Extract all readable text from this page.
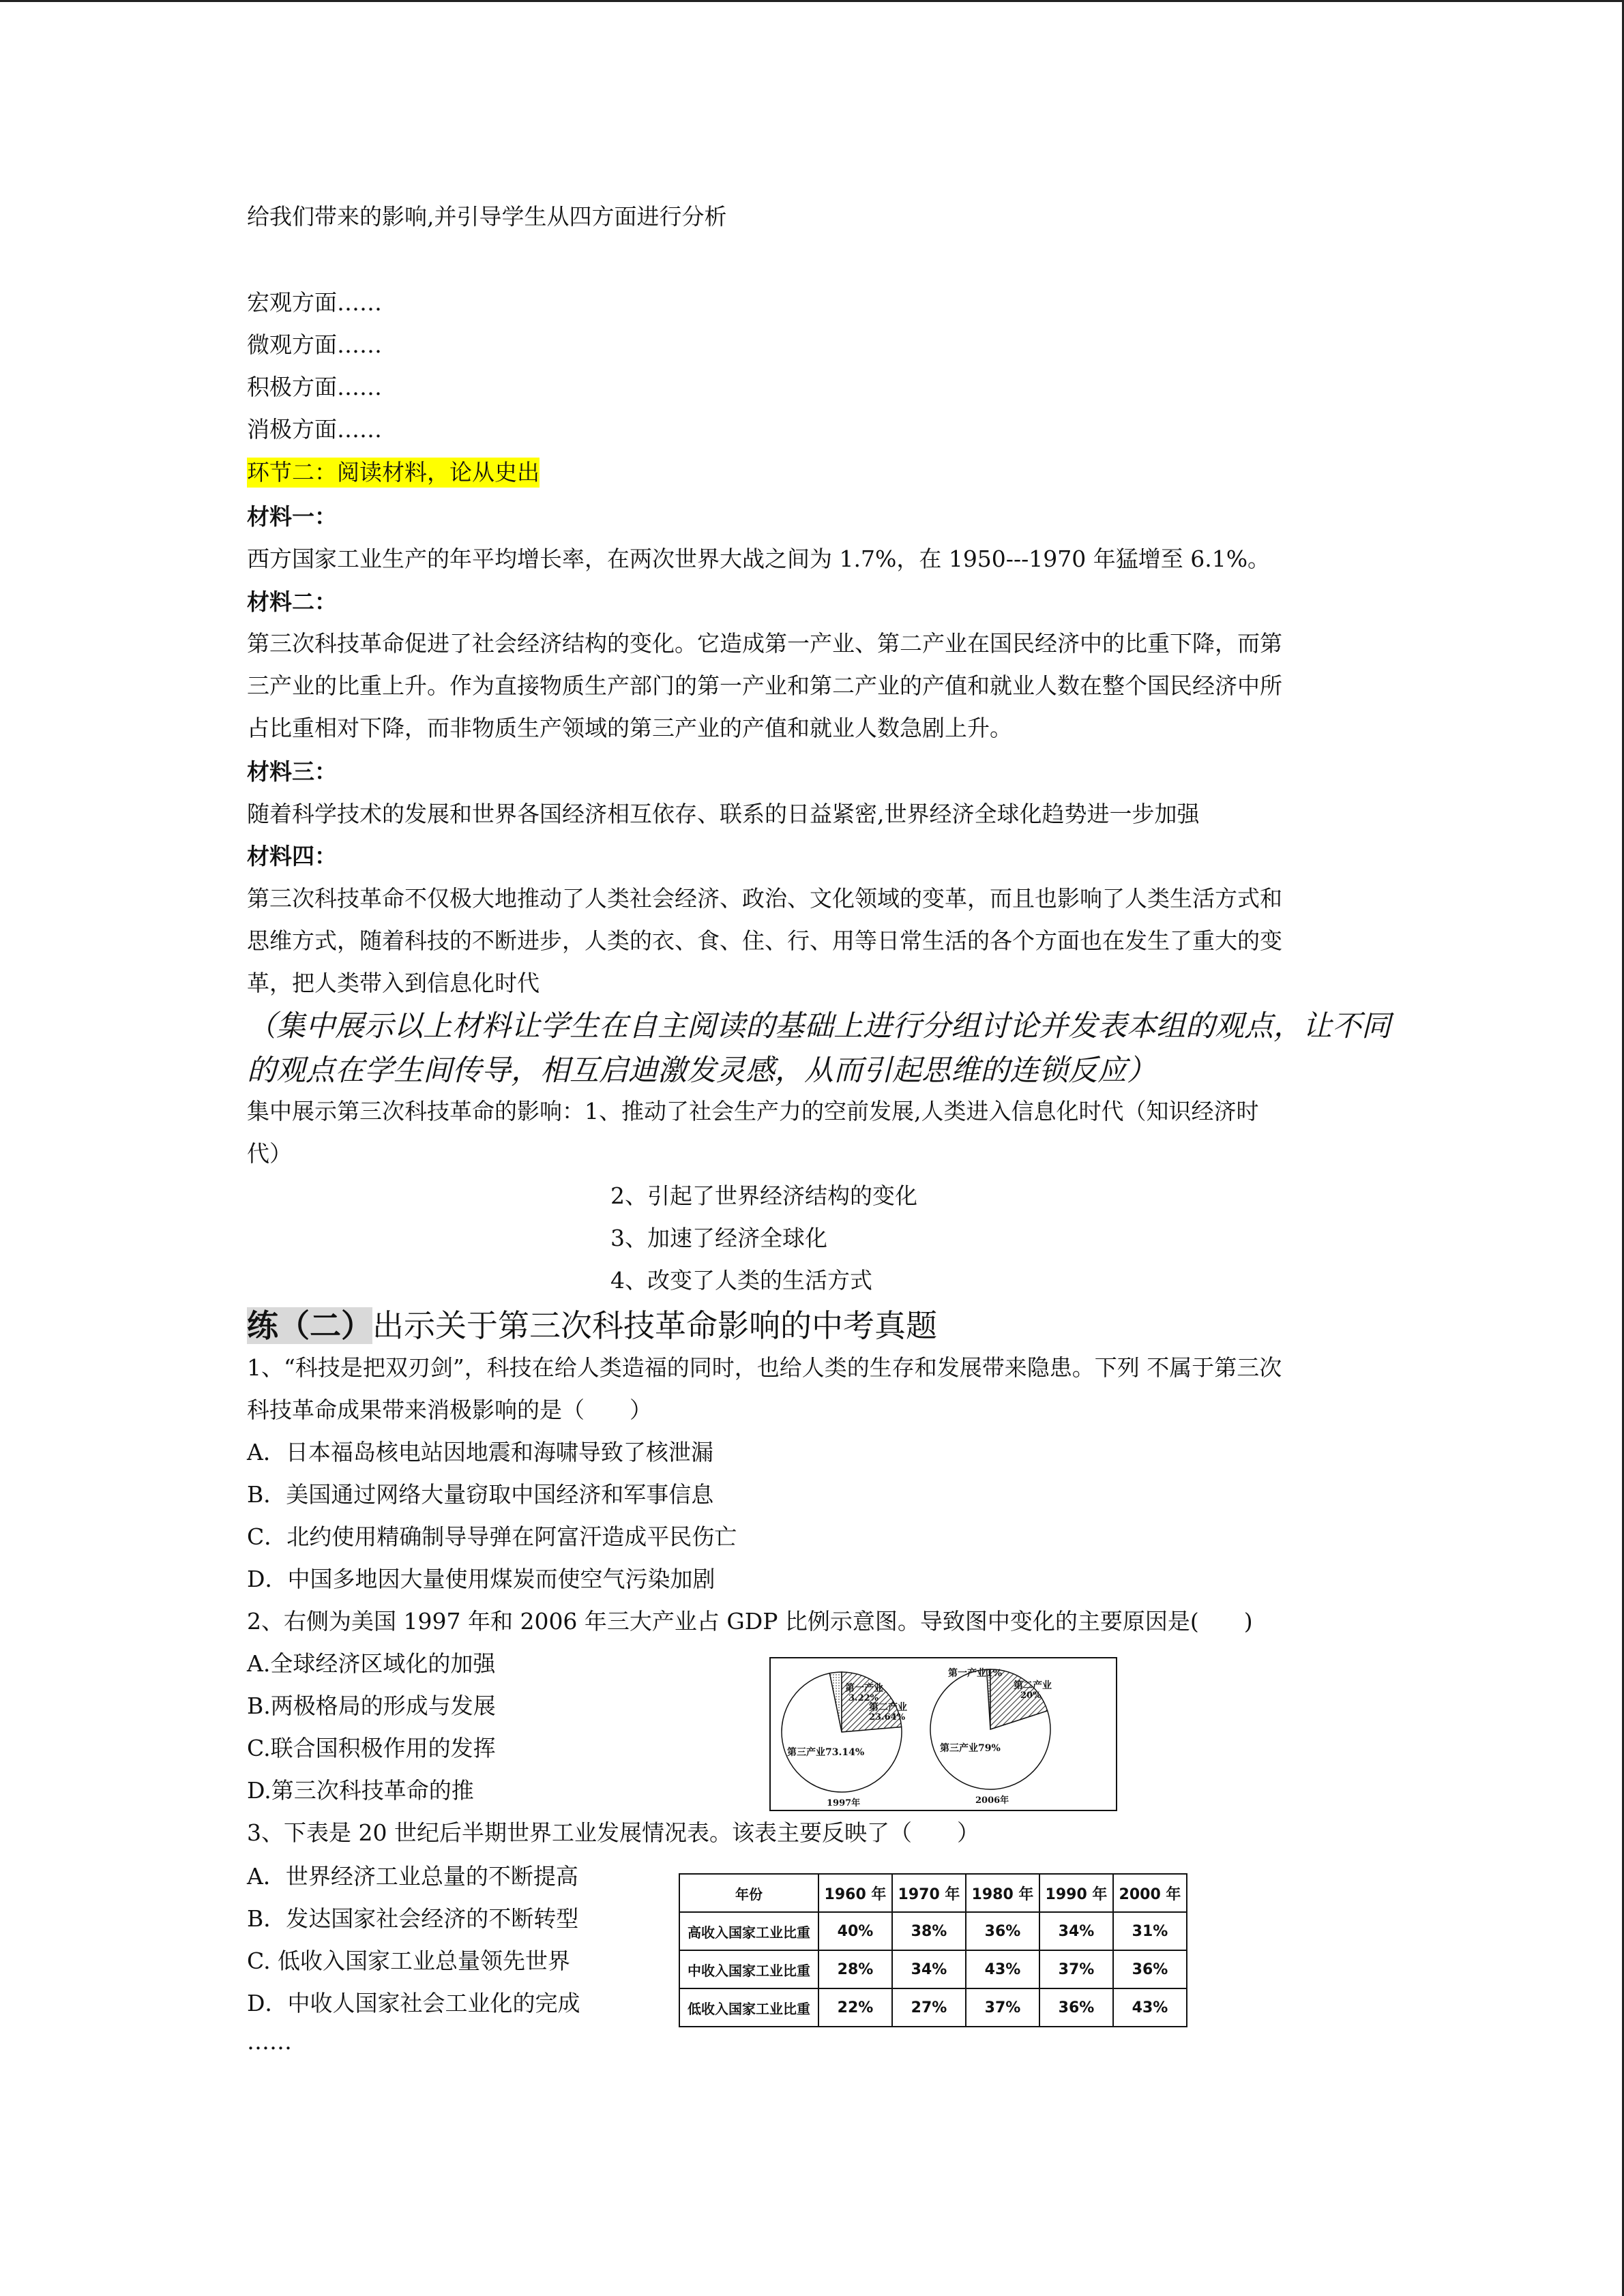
给我们带来的影响,并引导学生从四方面进行分析
宏观方面……
微观方面……
积极方面……
消极方面……
环节二：阅读材料，论从史出
材料一：
西方国家工业生产的年平均增长率，在两次世界大战之间为 1.7%，在 1950---1970 年猛增至 6.1%。
材料二：
第三次科技革命促进了社会经济结构的变化。它造成第一产业、第二产业在国民经济中的比重下降，而第
三产业的比重上升。作为直接物质生产部门的第一产业和第二产业的产值和就业人数在整个国民经济中所
占比重相对下降，而非物质生产领域的第三产业的产值和就业人数急剧上升。
材料三：
随着科学技术的发展和世界各国经济相互依存、联系的日益紧密,世界经济全球化趋势进一步加强
材料四：
第三次科技革命不仅极大地推动了人类社会经济、政治、文化领域的变革，而且也影响了人类生活方式和
思维方式，随着科技的不断进步，人类的衣、食、住、行、用等日常生活的各个方面也在发生了重大的变
革，把人类带入到信息化时代
（集中展示以上材料让学生在自主阅读的基础上进行分组讨论并发表本组的观点，让不同
的观点在学生间传导，相互启迪激发灵感，从而引起思维的连锁反应）
集中展示第三次科技革命的影响：1、推动了社会生产力的空前发展,人类进入信息化时代（知识经济时
代）
2、引起了世界经济结构的变化
3、加速了经济全球化
4、改变了人类的生活方式
练（二）出示关于第三次科技革命影响的中考真题
1、“科技是把双刃剑”，科技在给人类造福的同时，也给人类的生存和发展带来隐患。下列 不属于第三次
科技革命成果带来消极影响的是（　　）
A．日本福岛核电站因地震和海啸导致了核泄漏
B．美国通过网络大量窃取中国经济和军事信息
C．北约使用精确制导导弹在阿富汗造成平民伤亡
D．中国多地因大量使用煤炭而使空气污染加剧
2、右侧为美国 1997 年和 2006 年三大产业占 GDP 比例示意图。导致图中变化的主要原因是(　　)
A.全球经济区域化的加强
B.两极格局的形成与发展
C.联合国积极作用的发挥
D.第三次科技革命的推
3、下表是 20 世纪后半期世界工业发展情况表。该表主要反映了（　　）
A．世界经济工业总量的不断提高
B．发达国家社会经济的不断转型
C. 低收入国家工业总量领先世界
D．中收人国家社会工业化的完成
……
第一产业
3.22%
第二产业
23.64%
第三产业73.14%
1997年
第一产业1%
第二产业
20%
第三产业79%
2006年
年份	1960 年	1970 年	1980 年	1990 年	2000 年
高收入国家工业比重	40%	38%	36%	34%	31%
中收入国家工业比重	28%	34%	43%	37%	36%
低收入国家工业比重	22%	27%	37%	36%	43%
